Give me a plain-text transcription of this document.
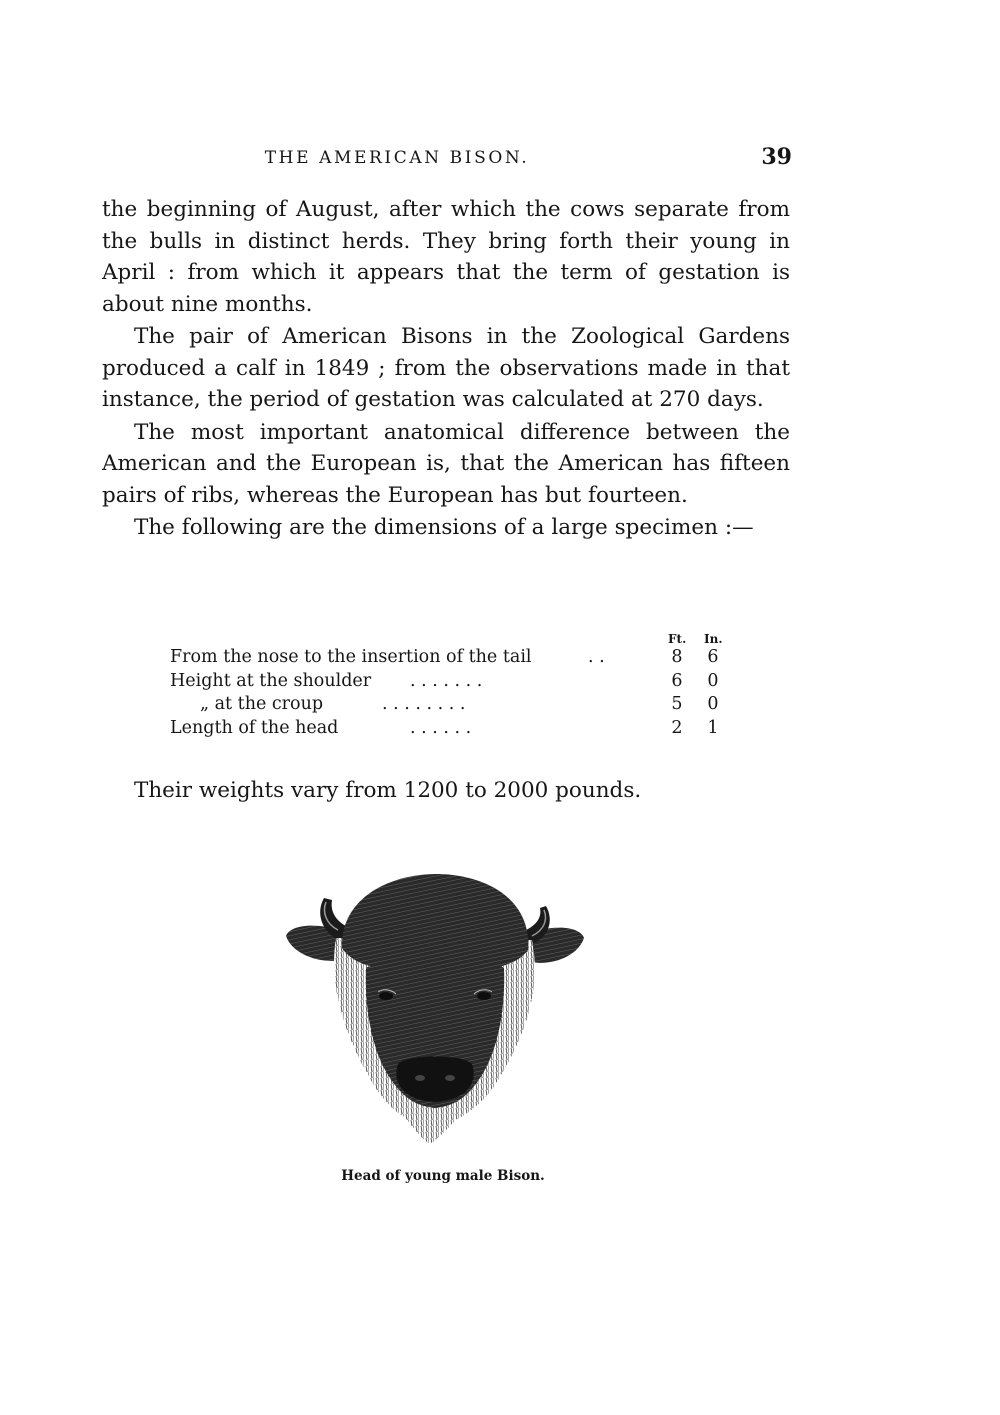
THE AMERICAN BISON.	39

the beginning of August, after which the cows separate from the bulls in distinct herds. They bring forth their young in April : from which it appears that the term of gestation is about nine months.

The pair of American Bisons in the Zoological Gardens produced a calf in 1849 ; from the observations made in that instance, the period of gestation was calculated at 270 days.

The most important anatomical difference between the American and the European is, that the American has fifteen pairs of ribs, whereas the European has but fourteen.

The following are the dimensions of a large specimen :—

Ft. In.
From the nose to the insertion of the tail	. .	8 6
Height at the shoulder . . . . . . .	6 0
„ at the croup	. . . . . . . .	5 0
Length of the head	. . . . . .	2 1
Their weights vary from 1200 to 2000 pounds.
Head of young male Bison.
